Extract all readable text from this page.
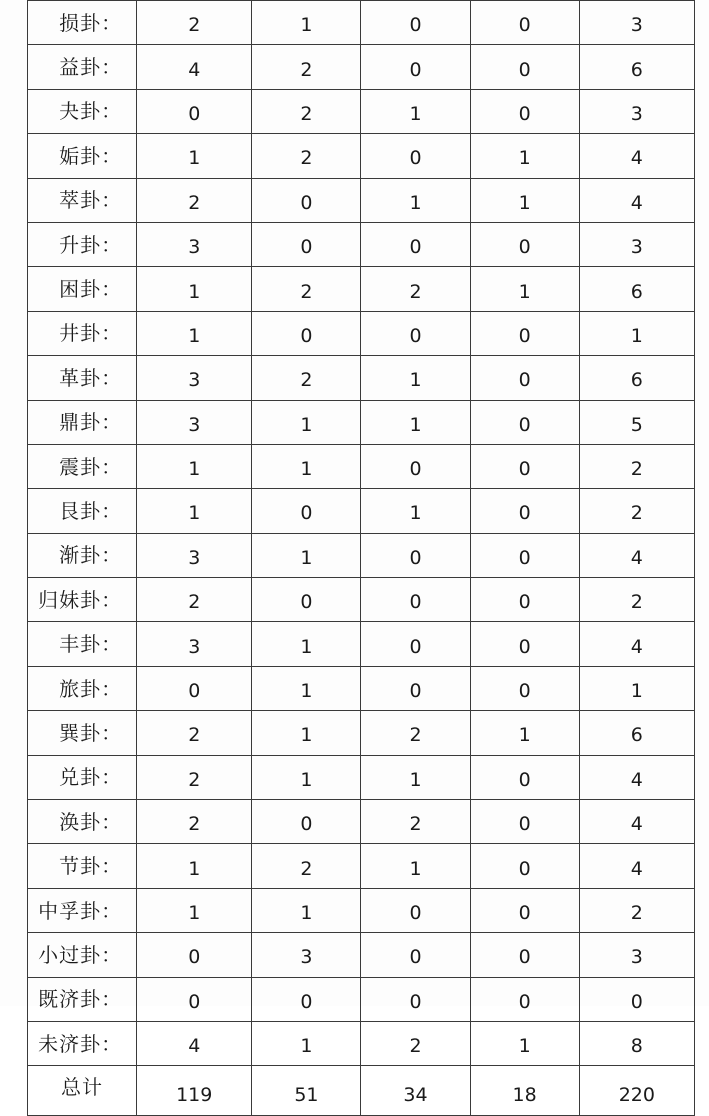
损卦：	2	1	0	0	3
益卦：	4	2	0	0	6
夬卦：	0	2	1	0	3
姤卦：	1	2	0	1	4
萃卦：	2	0	1	1	4
升卦：	3	0	0	0	3
困卦：	1	2	2	1	6
井卦：	1	0	0	0	1
革卦：	3	2	1	0	6
鼎卦：	3	1	1	0	5
震卦：	1	1	0	0	2
艮卦：	1	0	1	0	2
渐卦：	3	1	0	0	4
归妹卦：	2	0	0	0	2
丰卦：	3	1	0	0	4
旅卦：	0	1	0	0	1
巽卦：	2	1	2	1	6
兑卦：	2	1	1	0	4
涣卦：	2	0	2	0	4
节卦：	1	2	1	0	4
中孚卦：	1	1	0	0	2
小过卦：	0	3	0	0	3
既济卦：	0	0	0	0	0
未济卦：	4	1	2	1	8
总计	119	51	34	18	220
